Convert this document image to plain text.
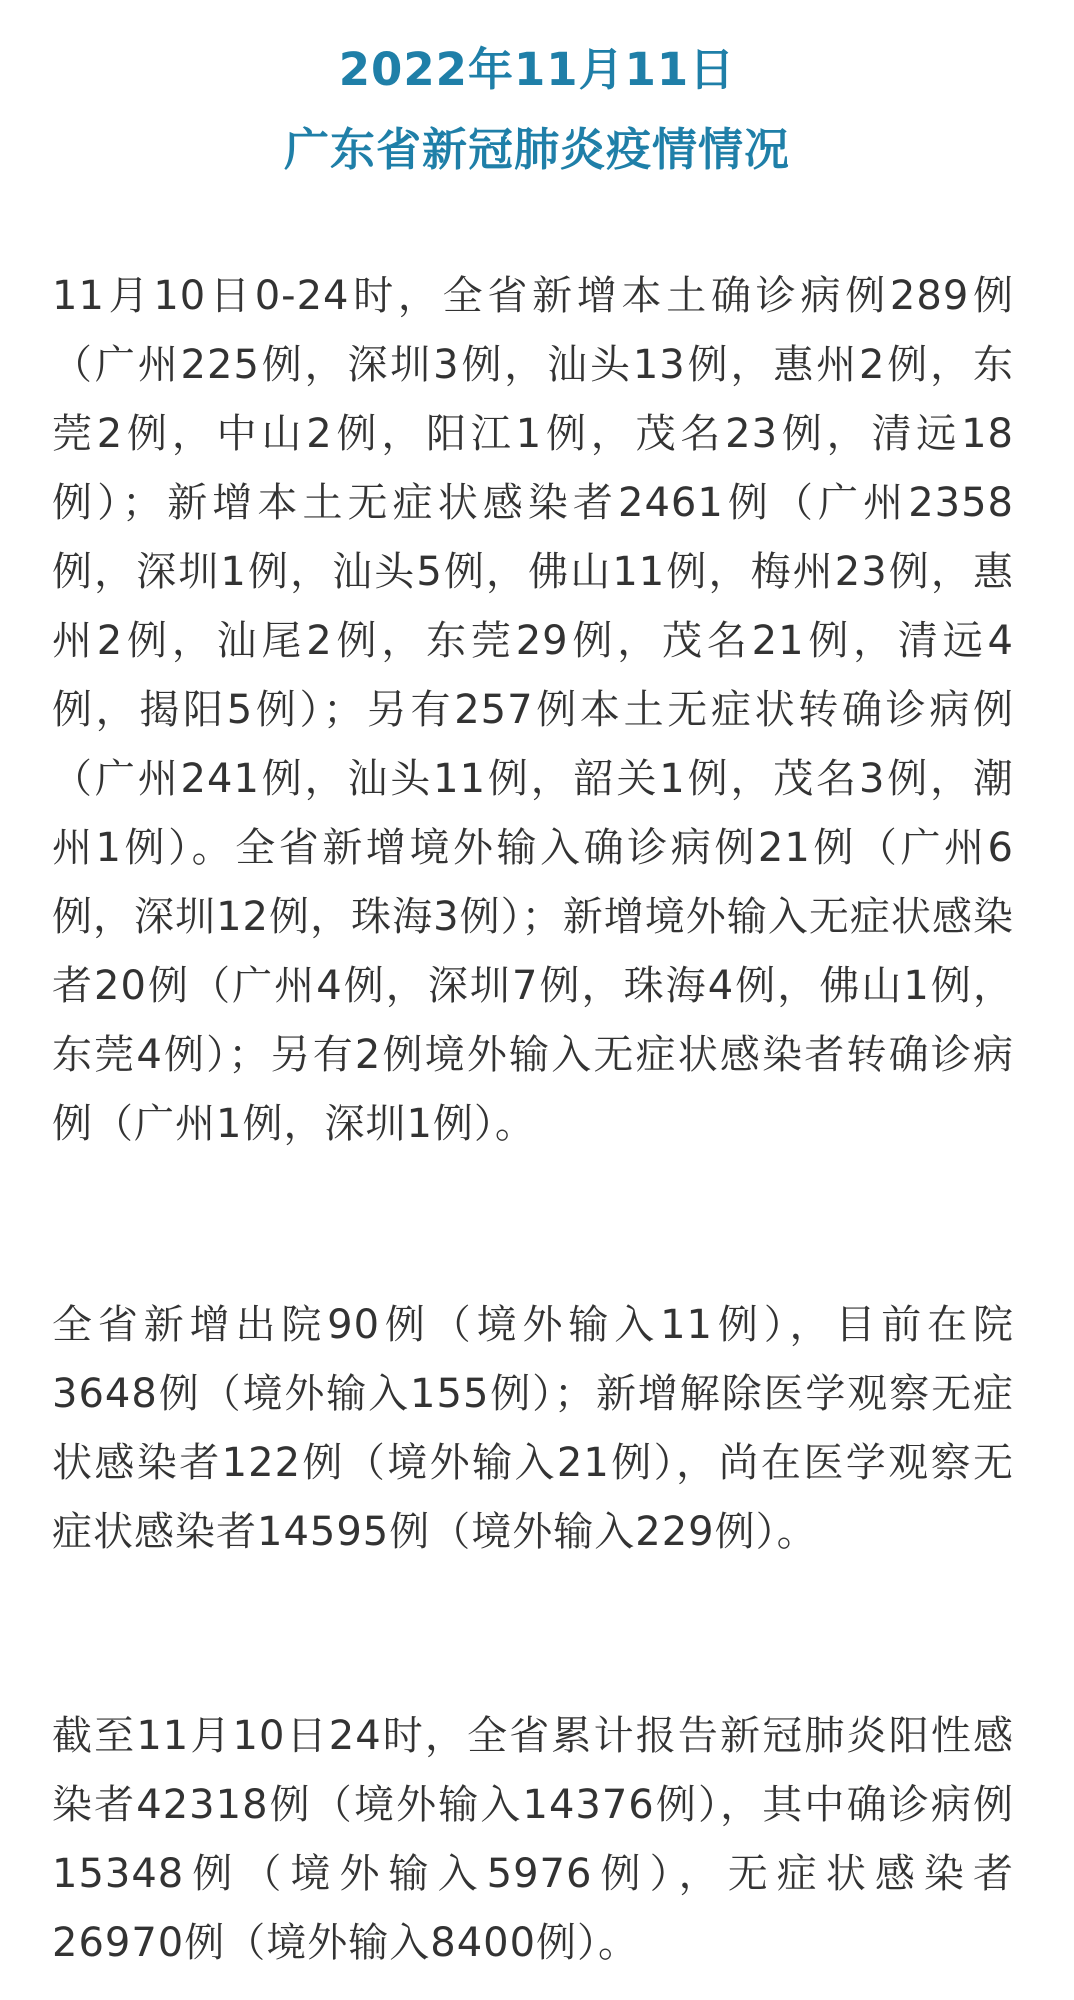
2022年11月11日
广东省新冠肺炎疫情情况

11月10日0-24时，全省新增本土确诊病例289例（广州225例，深圳3例，汕头13例，惠州2例，东莞2例，中山2例，阳江1例，茂名23例，清远18例）；新增本土无症状感染者2461例（广州2358例，深圳1例，汕头5例，佛山11例，梅州23例，惠州2例，汕尾2例，东莞29例，茂名21例，清远4例，揭阳5例）；另有257例本土无症状转确诊病例（广州241例，汕头11例，韶关1例，茂名3例，潮州1例）。全省新增境外输入确诊病例21例（广州6例，深圳12例，珠海3例）；新增境外输入无症状感染者20例（广州4例，深圳7例，珠海4例，佛山1例，东莞4例）；另有2例境外输入无症状感染者转确诊病例（广州1例，深圳1例）。

全省新增出院90例（境外输入11例），目前在院3648例（境外输入155例）；新增解除医学观察无症状感染者122例（境外输入21例），尚在医学观察无症状感染者14595例（境外输入229例）。

截至11月10日24时，全省累计报告新冠肺炎阳性感染者42318例（境外输入14376例），其中确诊病例15348例（境外输入5976例），无症状感染者26970例（境外输入8400例）。
